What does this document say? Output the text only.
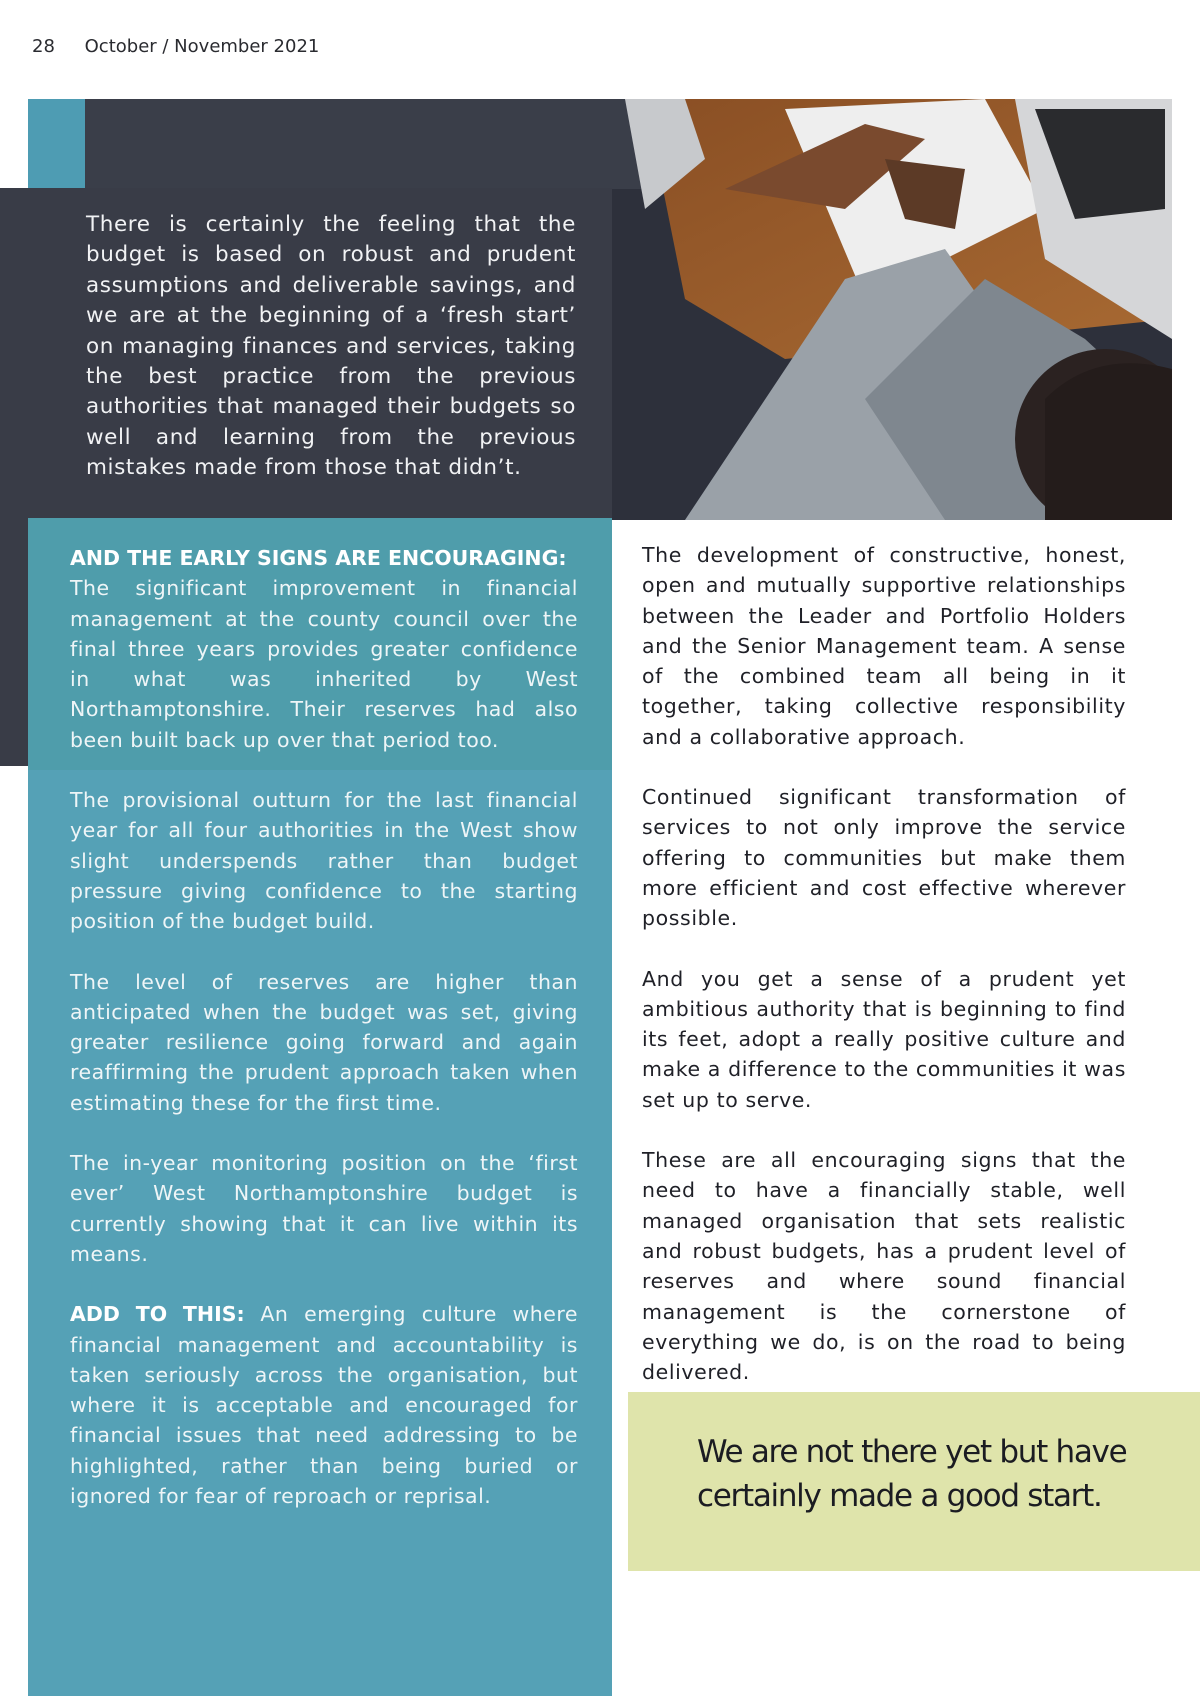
28 October / November 2021
There is certainly the feeling that the budget is based on robust and prudent assumptions and deliverable savings, and we are at the beginning of a ‘fresh start’ on managing finances and services, taking the best practice from the previous authorities that managed their budgets so well and learning from the previous mistakes made from those that didn’t.

AND THE EARLY SIGNS ARE ENCOURAGING:
The significant improvement in financial management at the county council over the final three years provides greater confidence in what was inherited by West Northamptonshire. Their reserves had also been built back up over that period too.

The provisional outturn for the last financial year for all four authorities in the West show slight underspends rather than budget pressure giving confidence to the starting position of the budget build.

The level of reserves are higher than anticipated when the budget was set, giving greater resilience going forward and again reaffirming the prudent approach taken when estimating these for the first time.

The in-year monitoring position on the ‘first ever’ West Northamptonshire budget is currently showing that it can live within its means.

ADD TO THIS: An emerging culture where financial management and accountability is taken seriously across the organisation, but where it is acceptable and encouraged for financial issues that need addressing to be highlighted, rather than being buried or ignored for fear of reproach or reprisal.

The development of constructive, honest, open and mutually supportive relationships between the Leader and Portfolio Holders and the Senior Management team. A sense of the combined team all being in it together, taking collective responsibility and a collaborative approach.

Continued significant transformation of services to not only improve the service offering to communities but make them more efficient and cost effective wherever possible.

And you get a sense of a prudent yet ambitious authority that is beginning to find its feet, adopt a really positive culture and make a difference to the communities it was set up to serve.

These are all encouraging signs that the need to have a financially stable, well managed organisation that sets realistic and robust budgets, has a prudent level of reserves and where sound financial management is the cornerstone of everything we do, is on the road to being delivered.

We are not there yet but have certainly made a good start.
